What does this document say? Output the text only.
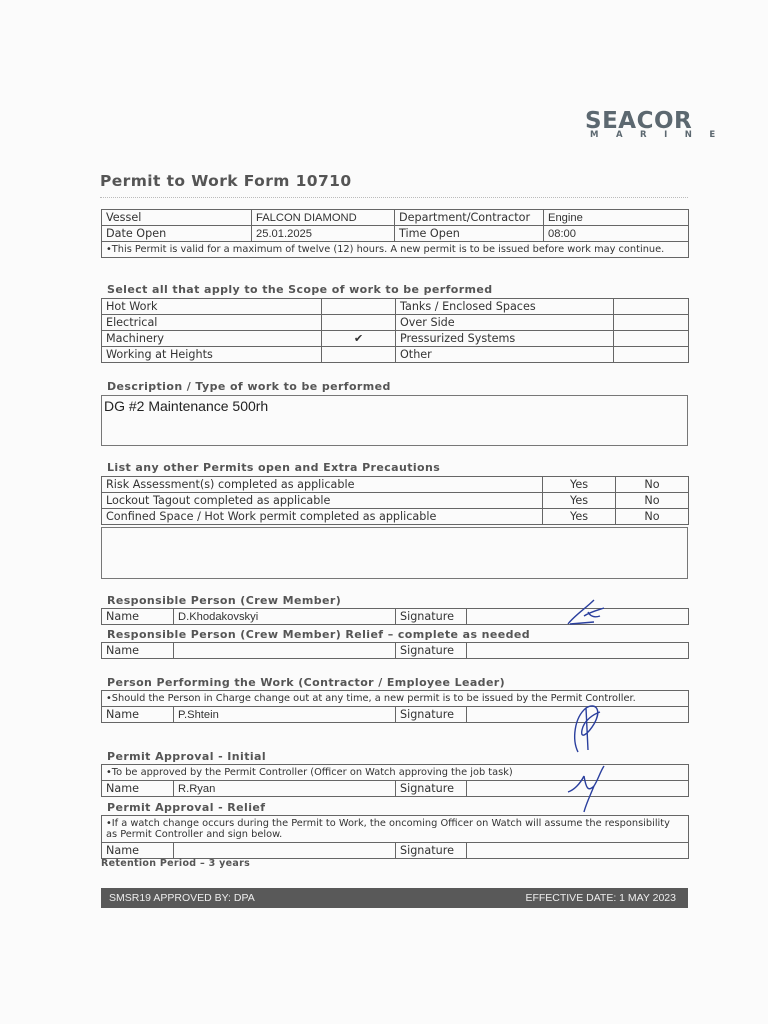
SEACOR
MARINE
Permit to Work Form 10710
Vessel	FALCON DIAMOND	Department/Contractor	Engine
Date Open	25.01.2025	Time Open	08:00
•This Permit is valid for a maximum of twelve (12) hours. A new permit is to be issued before work may continue.			
Select all that apply to the Scope of work to be performed
Hot Work		Tanks / Enclosed Spaces	
Electrical		Over Side	
Machinery	✔	Pressurized Systems	
Working at Heights		Other	
Description / Type of work to be performed
DG #2 Maintenance 500rh
List any other Permits open and Extra Precautions
Risk Assessment(s) completed as applicable	Yes	No
Lockout Tagout completed as applicable	Yes	No
Confined Space / Hot Work permit completed as applicable	Yes	No
Responsible Person (Crew Member)
Name	D.Khodakovskyi	Signature	
Responsible Person (Crew Member) Relief – complete as needed
Name		Signature	
Person Performing the Work (Contractor / Employee Leader)
•Should the Person in Charge change out at any time, a new permit is to be issued by the Permit Controller.
Name	P.Shtein	Signature	
Permit Approval - Initial
•To be approved by the Permit Controller (Officer on Watch approving the job task)
Name	R.Ryan	Signature	
Permit Approval - Relief
•If a watch change occurs during the Permit to Work, the oncoming Officer on Watch will assume the responsibility as Permit Controller and sign below.
Name		Signature	
Retention Period – 3 years
SMSR19 APPROVED BY: DPA	EFFECTIVE DATE: 1 MAY 2023
